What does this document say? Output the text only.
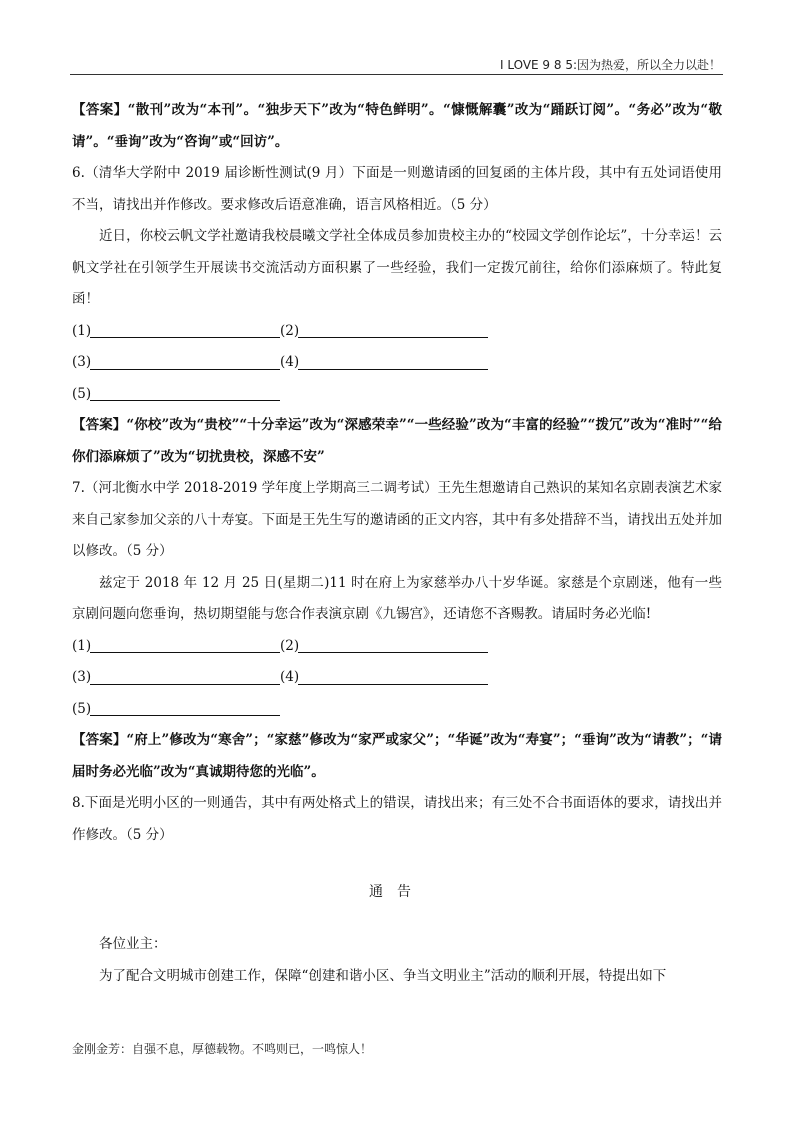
I LOVE 9 8 5:因为热爱，所以全力以赴！

【答案】“散刊”改为“本刊”。“独步天下”改为“特色鲜明”。“慷慨解囊”改为“踊跃订阅”。“务必”改为“敬请”。“垂询”改为“咨询”或“回访”。

6.（清华大学附中 2019 届诊断性测试(9 月）下面是一则邀请函的回复函的主体片段，其中有五处词语使用不当，请找出并作修改。要求修改后语意准确，语言风格相近。（5 分）

近日，你校云帆文学社邀请我校晨曦文学社全体成员参加贵校主办的“校园文学创作论坛”，十分幸运！云帆文学社在引领学生开展读书交流活动方面积累了一些经验，我们一定拨冗前往，给你们添麻烦了。特此复函！

(1)	(2)
(3)	(4)
(5)

【答案】“你校”改为“贵校”“十分幸运”改为“深感荣幸”“一些经验”改为“丰富的经验”“拨冗”改为“准时”“给你们添麻烦了”改为“切扰贵校，深感不安”

7.（河北衡水中学 2018-2019 学年度上学期高三二调考试）王先生想邀请自己熟识的某知名京剧表演艺术家来自己家参加父亲的八十寿宴。下面是王先生写的邀请函的正文内容，其中有多处措辞不当，请找出五处并加以修改。（5 分）

兹定于 2018 年 12 月 25 日(星期二)11 时在府上为家慈举办八十岁华诞。家慈是个京剧迷，他有一些京剧问题向您垂询，热切期望能与您合作表演京剧《九锡宫》，还请您不吝赐教。请届时务必光临!

(1)	(2)
(3)	(4)
(5)

【答案】“府上”修改为“寒舍”；“家慈”修改为“家严或家父”；“华诞”改为“寿宴”；“垂询”改为“请教”；“请届时务必光临”改为“真诚期待您的光临”。

8.下面是光明小区的一则通告，其中有两处格式上的错误，请找出来；有三处不合书面语体的要求，请找出并作修改。（5 分）

通告

各位业主：

为了配合文明城市创建工作，保障“创建和谐小区、争当文明业主”活动的顺利开展，特提出如下

金刚金芳：自强不息，厚德载物。不鸣则已，一鸣惊人！
